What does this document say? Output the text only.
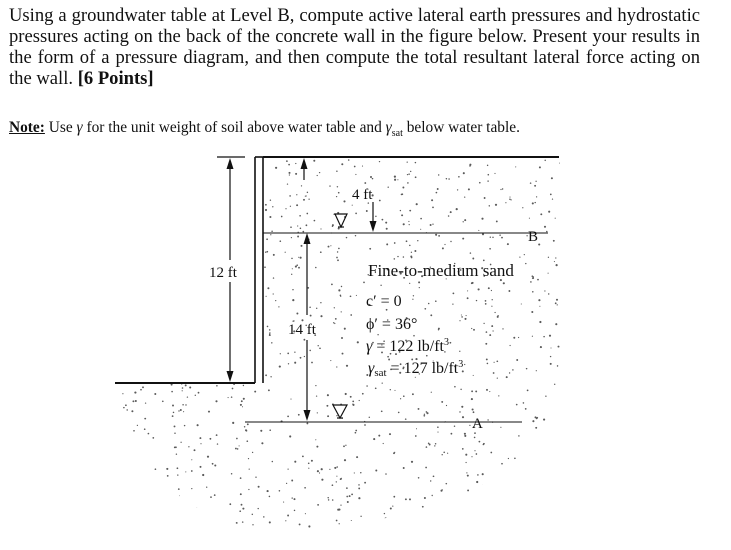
Using a groundwater table at Level B, compute active lateral earth pressures and hydrostatic pressures acting on the back of the concrete wall in the figure below. Present your results in the form of a pressure diagram, and then compute the total resultant lateral force acting on the wall. [6 Points]

Note: Use γ for the unit weight of soil above water table and $\gamma_{sat}$ below water table.

12 ft
4 ft
14 ft
B
A
Fine-to-medium sand
c′ = 0
ϕ′ = 36°
γ = 122 $lb/ft^3$
γsat = 127 $lb/ft^3$
